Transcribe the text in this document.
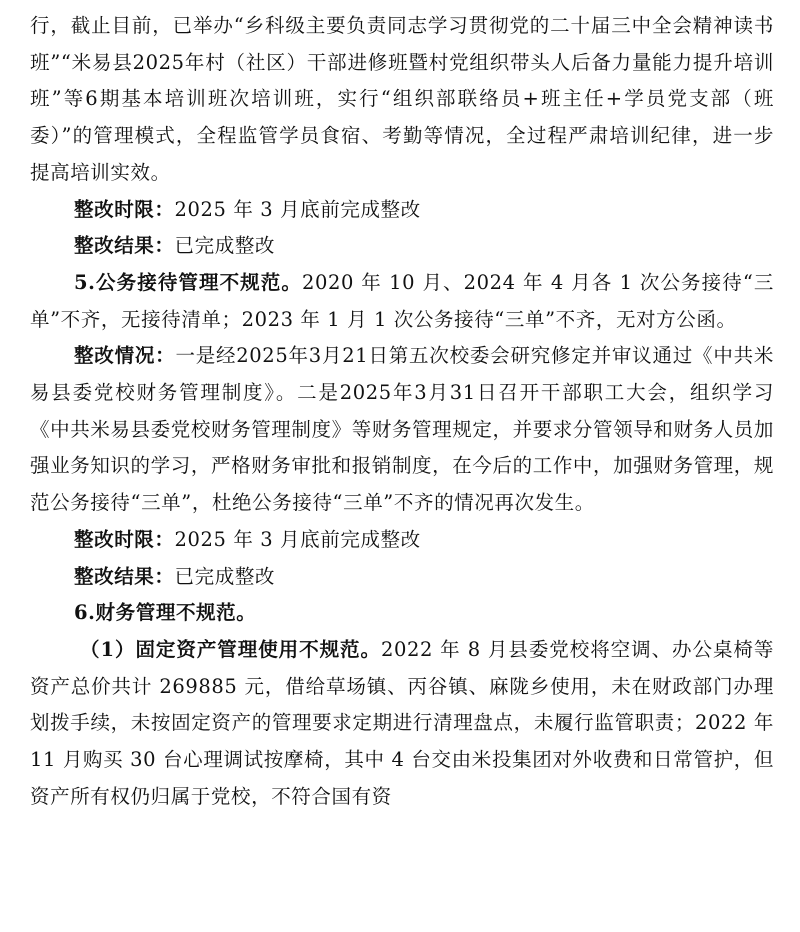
行，截止目前，已举办“乡科级主要负责同志学习贯彻党的二十届三中全会精神读书班”“米易县2025年村（社区）干部进修班暨村党组织带头人后备力量能力提升培训班”等6期基本培训班次培训班，实行“组织部联络员+班主任+学员党支部（班委）”的管理模式，全程监管学员食宿、考勤等情况，全过程严肃培训纪律，进一步提高培训实效。

整改时限：2025 年 3 月底前完成整改

整改结果：已完成整改

5.公务接待管理不规范。2020 年 10 月、2024 年 4 月各 1 次公务接待“三单”不齐，无接待清单；2023 年 1 月 1 次公务接待“三单”不齐，无对方公函。

整改情况：一是经2025年3月21日第五次校委会研究修定并审议通过《中共米易县委党校财务管理制度》。二是2025年3月31日召开干部职工大会，组织学习《中共米易县委党校财务管理制度》等财务管理规定，并要求分管领导和财务人员加强业务知识的学习，严格财务审批和报销制度，在今后的工作中，加强财务管理，规范公务接待“三单”，杜绝公务接待“三单”不齐的情况再次发生。

整改时限：2025 年 3 月底前完成整改

整改结果：已完成整改

6.财务管理不规范。

（1）固定资产管理使用不规范。2022 年 8 月县委党校将空调、办公桌椅等资产总价共计 269885 元，借给草场镇、丙谷镇、麻陇乡使用，未在财政部门办理划拨手续，未按固定资产的管理要求定期进行清理盘点，未履行监管职责；2022 年 11 月购买 30 台心理调试按摩椅，其中 4 台交由米投集团对外收费和日常管护，但资产所有权仍归属于党校，不符合国有资
